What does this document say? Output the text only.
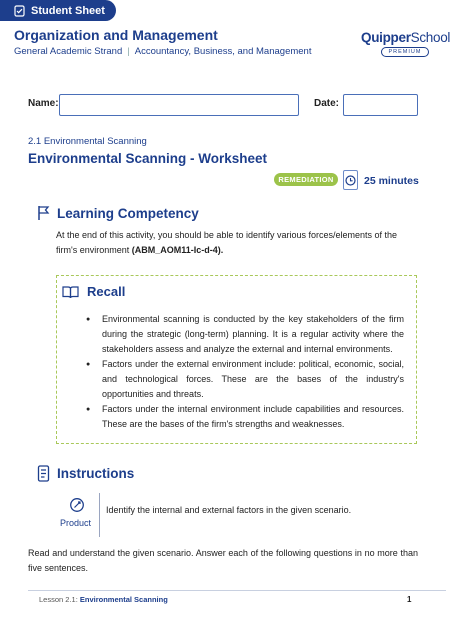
Student Sheet
Organization and Management
General Academic Strand | Accountancy, Business, and Management
QuipperSchool
PREMIUM
Name:	Date:
2.1 Environmental Scanning
Environmental Scanning - Worksheet
REMEDIATION	25 minutes
Learning Competency
At the end of this activity, you should be able to identify various forces/elements of the firm's environment (ABM_AOM11-Ic-d-4).
Recall
● Environmental scanning is conducted by the key stakeholders of the firm during the strategic (long-term) planning. It is a regular activity where the stakeholders assess and analyze the external and internal environments.
● Factors under the external environment include: political, economic, social, and technological forces. These are the bases of the industry's opportunities and threats.
● Factors under the internal environment include capabilities and resources. These are the bases of the firm's strengths and weaknesses.
Instructions
Product
Identify the internal and external factors in the given scenario.
Read and understand the given scenario. Answer each of the following questions in no more than five sentences.
Lesson 2.1: Environmental Scanning	1
